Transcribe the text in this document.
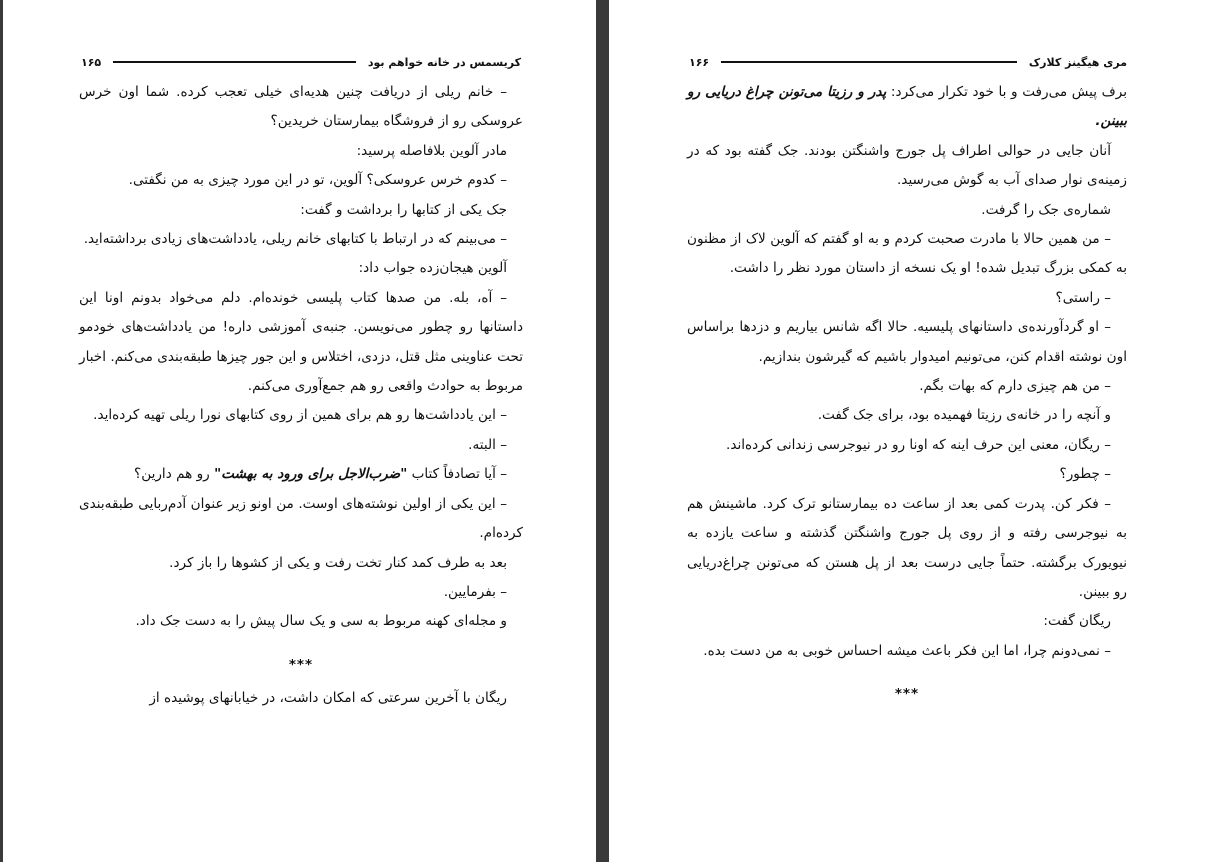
کریسمس در خانه خواهم بود
۱۶۵

– خانم ریلی از دریافت چنین هدیه‌ای خیلی تعجب کرده. شما اون خرس عروسکی رو از فروشگاه بیمارستان خریدین؟

مادر آلوین بلافاصله پرسید:

– کدوم خرس عروسکی؟ آلوین، تو در این مورد چیزی به من نگفتی.

جک یکی از کتابها را برداشت و گفت:

– می‌بینم که در ارتباط با کتابهای خانم ریلی، یادداشت‌های زیادی برداشته‌اید.

آلوین هیجان‌زده جواب داد:

– آه، بله. من صدها کتاب پلیسی خونده‌ام. دلم می‌خواد بدونم اونا این داستانها رو چطور می‌نویسن. جنبه‌ی آموزشی داره! من یادداشت‌های خودمو تحت عناوینی مثل قتل، دزدی، اختلاس و این جور چیزها طبقه‌بندی می‌کنم. اخبار مربوط به حوادث واقعی رو هم جمع‌آوری می‌کنم.

– این یادداشت‌ها رو هم برای همین از روی کتابهای نورا ریلی تهیه کرده‌اید.

– البته.

– آیا تصادفاً کتاب "ضرب‌الاجل برای ورود به بهشت" رو هم دارین؟

– این یکی از اولین نوشته‌های اوست. من اونو زیر عنوان آدم‌ربایی طبقه‌بندی کرده‌ام.

بعد به طرف کمد کنار تخت رفت و یکی از کشوها را باز کرد.

– بفرمایین.

و مجله‌ای کهنه مربوط به سی و یک سال پیش را به دست جک داد.

***

ریگان با آخرین سرعتی که امکان داشت، در خیابانهای پوشیده از

مری هیگینز کلارک
۱۶۶

برف پیش می‌رفت و با خود تکرار می‌کرد: پدر و رزیتا می‌تونن چراغ دریایی رو ببینن.

آنان جایی در حوالی اطراف پل جورج واشنگتن بودند. جک گفته بود که در زمینه‌ی نوار صدای آب به گوش می‌رسید.

شماره‌ی جک را گرفت.

– من همین حالا با مادرت صحبت کردم و به او گفتم که آلوین لاک از مظنون به کمکی بزرگ تبدیل شده! او یک نسخه از داستان مورد نظر را داشت.

– راستی؟

– او گردآورنده‌ی داستانهای پلیسیه. حالا اگه شانس بیاریم و دزدها براساس اون نوشته اقدام کنن، می‌تونیم امیدوار باشیم که گیرشون بندازیم.

– من هم چیزی دارم که بهات بگم.

و آنچه را در خانه‌ی رزیتا فهمیده بود، برای جک گفت.

– ریگان، معنی این حرف اینه که اونا رو در نیوجرسی زندانی کرده‌اند.

– چطور؟

– فکر کن. پدرت کمی بعد از ساعت ده بیمارستانو ترک کرد. ماشینش هم به نیوجرسی رفته و از روی پل جورج واشنگتن گذشته و ساعت یازده به نیویورک برگشته. حتماً جایی درست بعد از پل هستن که می‌تونن چراغ‌دریایی رو ببینن.

ریگان گفت:

– نمی‌دونم چرا، اما این فکر باعث میشه احساس خوبی به من دست بده.

***
